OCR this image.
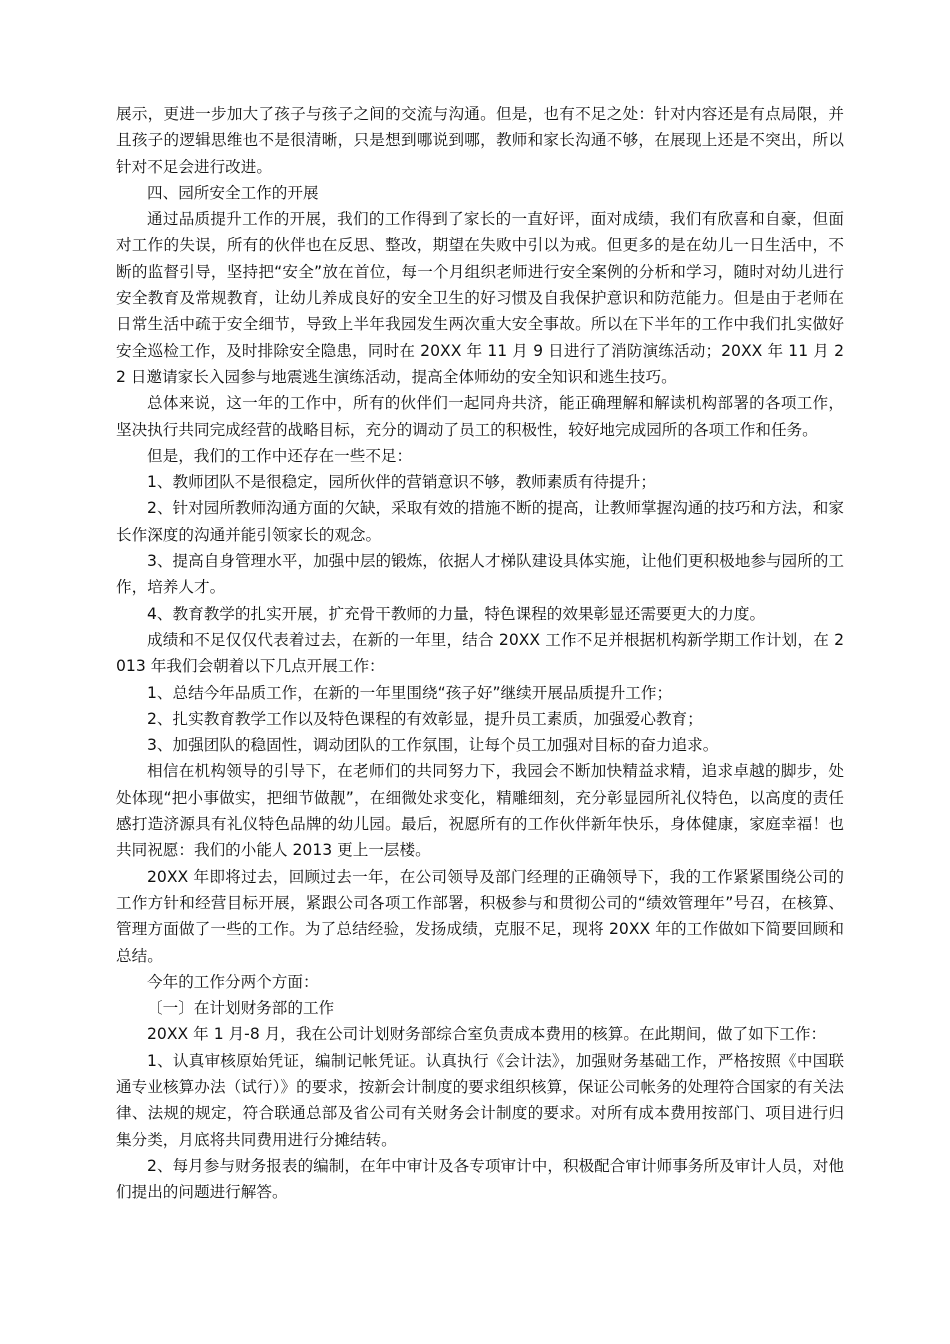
展示，更进一步加大了孩子与孩子之间的交流与沟通。但是，也有不足之处：针对内容还是有点局限，并且孩子的逻辑思维也不是很清晰，只是想到哪说到哪，教师和家长沟通不够，在展现上还是不突出，所以针对不足会进行改进。

四、园所安全工作的开展

通过品质提升工作的开展，我们的工作得到了家长的一直好评，面对成绩，我们有欣喜和自豪，但面对工作的失误，所有的伙伴也在反思、整改，期望在失败中引以为戒。但更多的是在幼儿一日生活中，不断的监督引导，坚持把“安全”放在首位，每一个月组织老师进行安全案例的分析和学习，随时对幼儿进行安全教育及常规教育，让幼儿养成良好的安全卫生的好习惯及自我保护意识和防范能力。但是由于老师在日常生活中疏于安全细节，导致上半年我园发生两次重大安全事故。所以在下半年的工作中我们扎实做好安全巡检工作，及时排除安全隐患，同时在 20XX 年 11 月 9 日进行了消防演练活动；20XX 年 11 月 22 日邀请家长入园参与地震逃生演练活动，提高全体师幼的安全知识和逃生技巧。

总体来说，这一年的工作中，所有的伙伴们一起同舟共济，能正确理解和解读机构部署的各项工作，坚决执行共同完成经营的战略目标，充分的调动了员工的积极性，较好地完成园所的各项工作和任务。

但是，我们的工作中还存在一些不足：

1、教师团队不是很稳定，园所伙伴的营销意识不够，教师素质有待提升；

2、针对园所教师沟通方面的欠缺，采取有效的措施不断的提高，让教师掌握沟通的技巧和方法，和家长作深度的沟通并能引领家长的观念。

3、提高自身管理水平，加强中层的锻炼，依据人才梯队建设具体实施，让他们更积极地参与园所的工作，培养人才。

4、教育教学的扎实开展，扩充骨干教师的力量，特色课程的效果彰显还需要更大的力度。

成绩和不足仅仅代表着过去，在新的一年里，结合 20XX 工作不足并根据机构新学期工作计划，在 2013 年我们会朝着以下几点开展工作：

1、总结今年品质工作，在新的一年里围绕“孩子好”继续开展品质提升工作；

2、扎实教育教学工作以及特色课程的有效彰显，提升员工素质，加强爱心教育；

3、加强团队的稳固性，调动团队的工作氛围，让每个员工加强对目标的奋力追求。

相信在机构领导的引导下，在老师们的共同努力下，我园会不断加快精益求精，追求卓越的脚步，处处体现“把小事做实，把细节做靓”，在细微处求变化，精雕细刻，充分彰显园所礼仪特色，以高度的责任感打造济源具有礼仪特色品牌的幼儿园。最后，祝愿所有的工作伙伴新年快乐，身体健康，家庭幸福！也共同祝愿：我们的小能人 2013 更上一层楼。

20XX 年即将过去，回顾过去一年，在公司领导及部门经理的正确领导下，我的工作紧紧围绕公司的工作方针和经营目标开展，紧跟公司各项工作部署，积极参与和贯彻公司的“绩效管理年”号召，在核算、管理方面做了一些的工作。为了总结经验，发扬成绩，克服不足，现将 20XX 年的工作做如下简要回顾和总结。

今年的工作分两个方面：

〔一〕在计划财务部的工作

20XX 年 1 月-8 月，我在公司计划财务部综合室负责成本费用的核算。在此期间，做了如下工作：

1、认真审核原始凭证，编制记帐凭证。认真执行《会计法》，加强财务基础工作，严格按照《中国联通专业核算办法（试行）》的要求，按新会计制度的要求组织核算，保证公司帐务的处理符合国家的有关法律、法规的规定，符合联通总部及省公司有关财务会计制度的要求。对所有成本费用按部门、项目进行归集分类，月底将共同费用进行分摊结转。

2、每月参与财务报表的编制，在年中审计及各专项审计中，积极配合审计师事务所及审计人员，对他们提出的问题进行解答。
